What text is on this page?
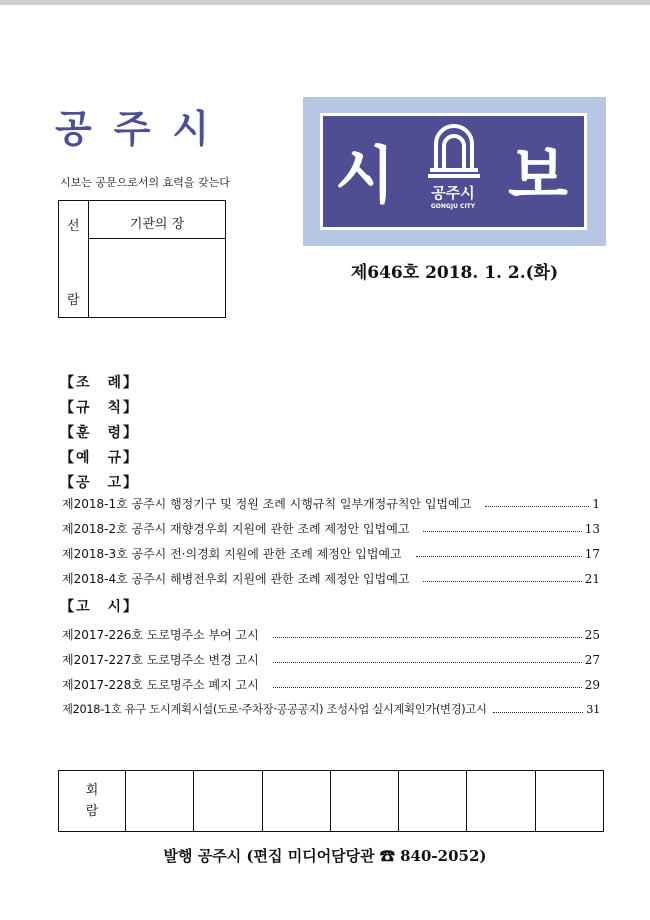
공주시
시보는 공문으로서의 효력을 갖는다
선
람
기관의 장
시	공주시
GONGJU CITY 보
제646호 2018. 1. 2.(화)
【조　례】
【규　칙】
【훈　령】
【예　규】
【공　고】
제2018-1호 공주시 행정기구 및 정원 조례 시행규칙 일부개정규칙안 입법예고	1
제2018-2호 공주시 재향경우회 지원에 관한 조례 제정안 입법예고	13
제2018-3호 공주시 전·의경회 지원에 관한 조례 제정안 입법예고	17
제2018-4호 공주시 해병전우회 지원에 관한 조례 제정안 입법예고	21
【고　시】
제2017-226호 도로명주소 부여 고시	25
제2017-227호 도로명주소 변경 고시	27
제2017-228호 도로명주소 폐지 고시	29
제2018-1호 유구 도시계획시설(도로·주차장·공공공지) 조성사업 실시계획인가(변경)고시	31
회
람
발행 공주시 (편집 미디어담당관 ☎ 840-2052)
